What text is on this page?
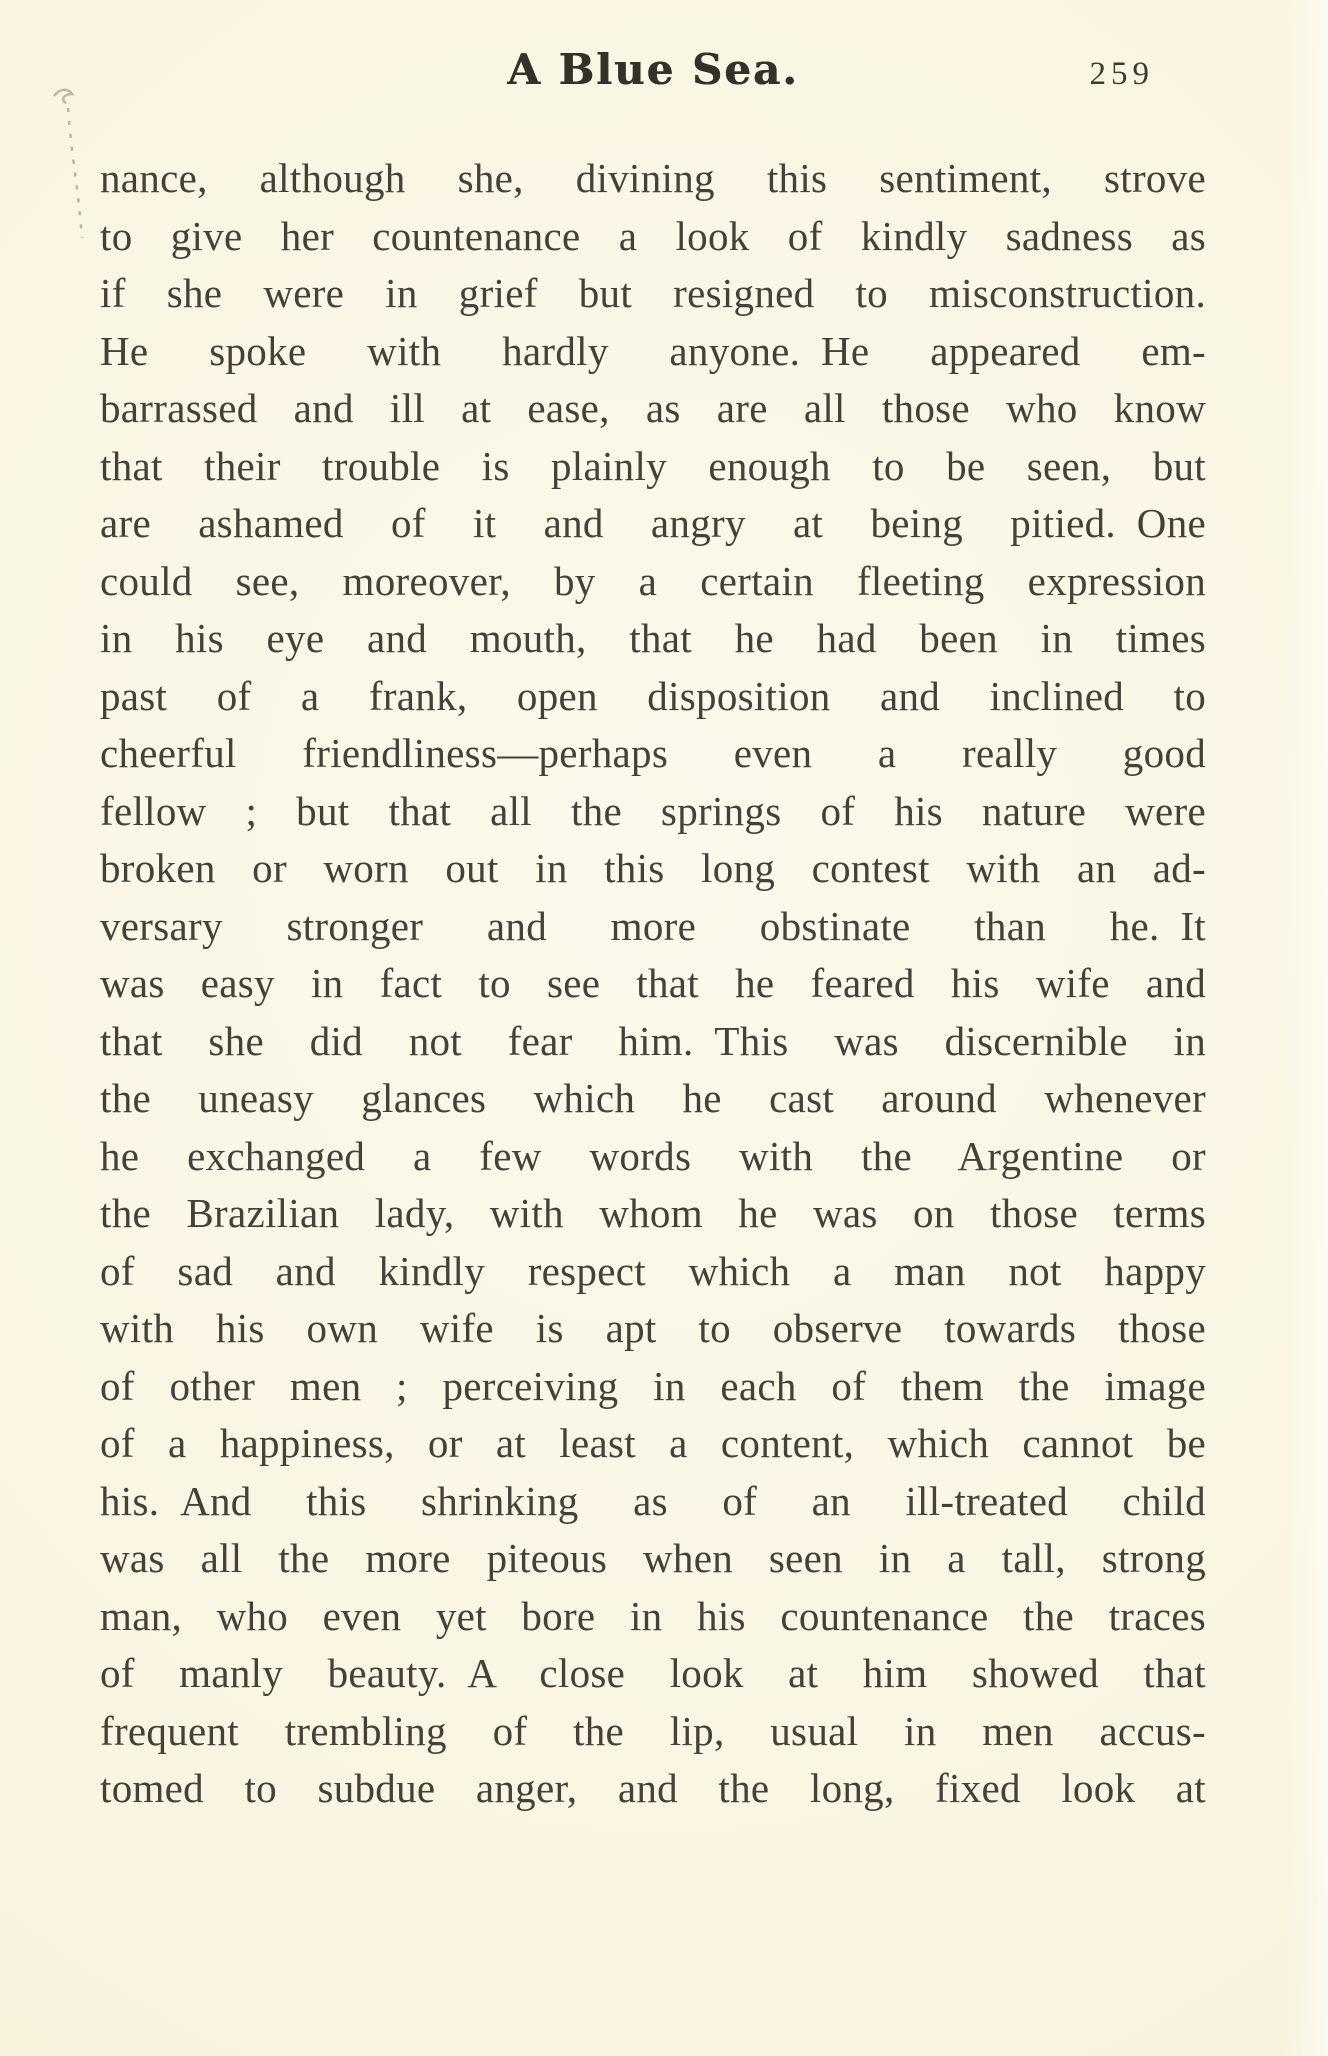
A Blue Sea.	259
nance, although she, divining this sentiment, strove
to give her countenance a look of kindly sadness as
if she were in grief but resigned to misconstruction.
He spoke with hardly anyone. He appeared em-
barrassed and ill at ease, as are all those who know
that their trouble is plainly enough to be seen, but
are ashamed of it and angry at being pitied. One
could see, moreover, by a certain fleeting expression
in his eye and mouth, that he had been in times
past of a frank, open disposition and inclined to
cheerful friendliness—perhaps even a really good
fellow ; but that all the springs of his nature were
broken or worn out in this long contest with an ad-
versary stronger and more obstinate than he. It
was easy in fact to see that he feared his wife and
that she did not fear him. This was discernible in
the uneasy glances which he cast around whenever
he exchanged a few words with the Argentine or
the Brazilian lady, with whom he was on those terms
of sad and kindly respect which a man not happy
with his own wife is apt to observe towards those
of other men ; perceiving in each of them the image
of a happiness, or at least a content, which cannot be
his. And this shrinking as of an ill-treated child
was all the more piteous when seen in a tall, strong
man, who even yet bore in his countenance the traces
of manly beauty. A close look at him showed that
frequent trembling of the lip, usual in men accus-
tomed to subdue anger, and the long, fixed look at
